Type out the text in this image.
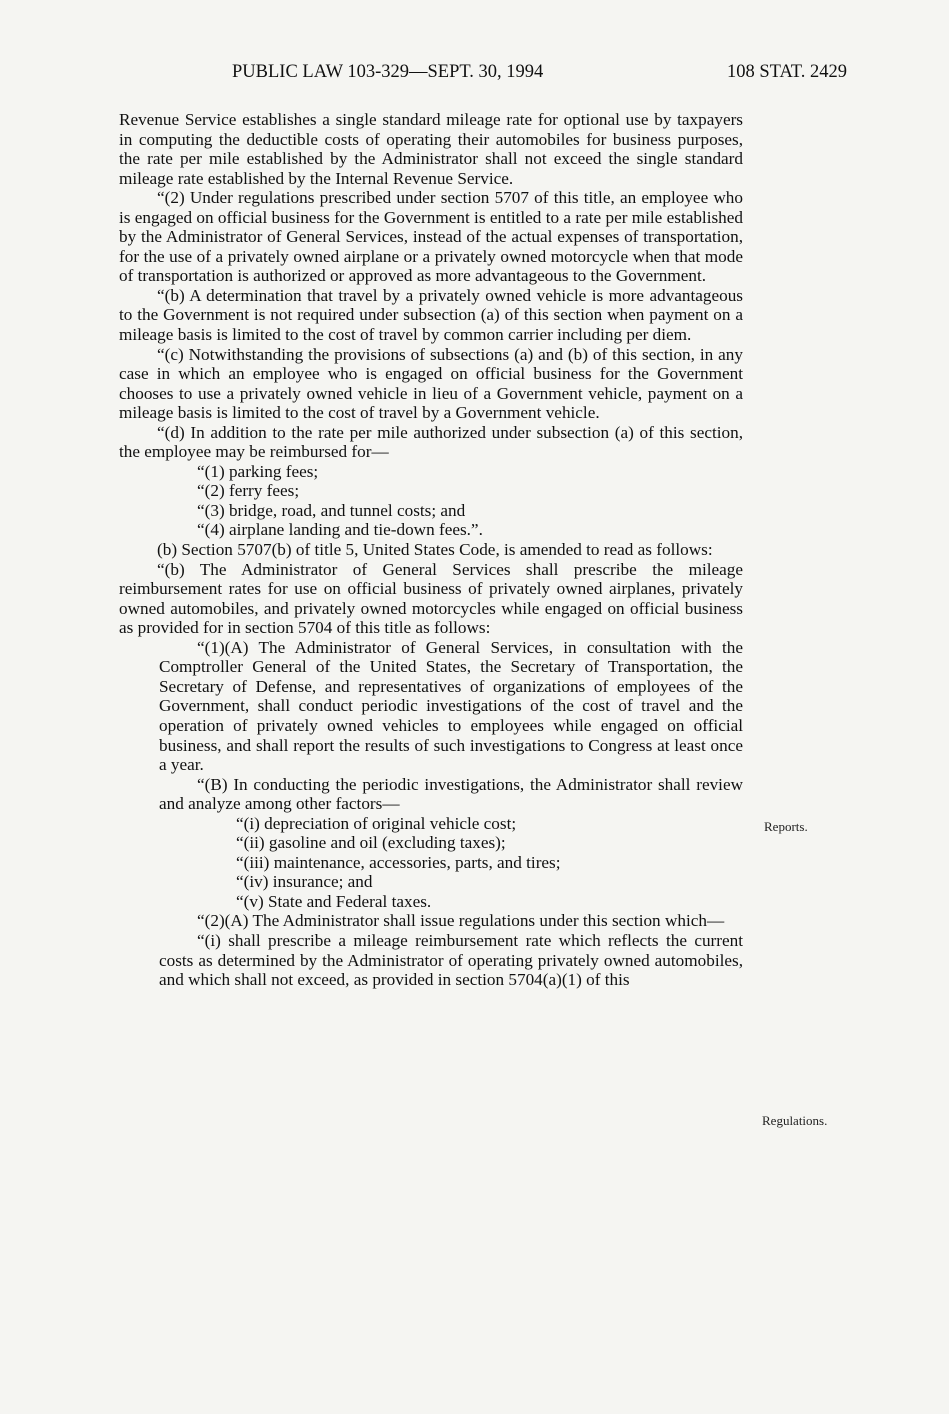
PUBLIC LAW 103-329—SEPT. 30, 1994	108 STAT. 2429

Revenue Service establishes a single standard mileage rate for optional use by taxpayers in computing the deductible costs of operating their automobiles for business purposes, the rate per mile established by the Administrator shall not exceed the single standard mileage rate established by the Internal Revenue Service.

“(2) Under regulations prescribed under section 5707 of this title, an employee who is engaged on official business for the Government is entitled to a rate per mile established by the Administrator of General Services, instead of the actual expenses of transportation, for the use of a privately owned airplane or a privately owned motorcycle when that mode of transportation is authorized or approved as more advantageous to the Government.

“(b) A determination that travel by a privately owned vehicle is more advantageous to the Government is not required under subsection (a) of this section when payment on a mileage basis is limited to the cost of travel by common carrier including per diem.

“(c) Notwithstanding the provisions of subsections (a) and (b) of this section, in any case in which an employee who is engaged on official business for the Government chooses to use a privately owned vehicle in lieu of a Government vehicle, payment on a mileage basis is limited to the cost of travel by a Government vehicle.

“(d) In addition to the rate per mile authorized under subsection (a) of this section, the employee may be reimbursed for—

“(1) parking fees;

“(2) ferry fees;

“(3) bridge, road, and tunnel costs; and

“(4) airplane landing and tie-down fees.”.

(b) Section 5707(b) of title 5, United States Code, is amended to read as follows:

“(b) The Administrator of General Services shall prescribe the mileage reimbursement rates for use on official business of privately owned airplanes, privately owned automobiles, and privately owned motorcycles while engaged on official business as provided for in section 5704 of this title as follows:

“(1)(A) The Administrator of General Services, in consultation with the Comptroller General of the United States, the Secretary of Transportation, the Secretary of Defense, and representatives of organizations of employees of the Government, shall conduct periodic investigations of the cost of travel and the operation of privately owned vehicles to employees while engaged on official business, and shall report the results of such investigations to Congress at least once a year.

“(B) In conducting the periodic investigations, the Administrator shall review and analyze among other factors—

“(i) depreciation of original vehicle cost;

“(ii) gasoline and oil (excluding taxes);

“(iii) maintenance, accessories, parts, and tires;

“(iv) insurance; and

“(v) State and Federal taxes.

“(2)(A) The Administrator shall issue regulations under this section which—

“(i) shall prescribe a mileage reimbursement rate which reflects the current costs as determined by the Administrator of operating privately owned automobiles, and which shall not exceed, as provided in section 5704(a)(1) of this

Reports.
Regulations.
